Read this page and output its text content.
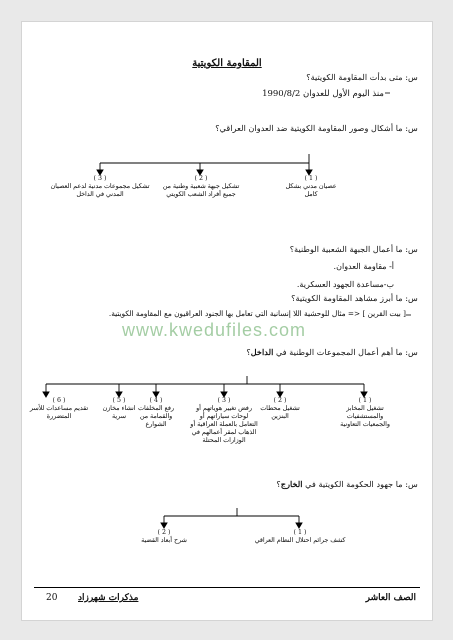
المقاومة الكويتية
س: متى بدأت المقاومة الكويتية؟
منذ اليوم الأول للعدوان 1990/8/2
س: ما أشكال وصور المقاومة الكويتية ضد العدوان العراقي؟
( 1 )
عصيان مدني بشكل كامل
( 2 )
تشكيل جبهة شعبية وطنية من جميع أفراد الشعب الكويتي
( 3 )
تشكيل مجموعات مدنية لدعم العصيان المدني في الداخل
س: ما أعمال الجبهة الشعبية الوطنية؟
أ- مقاومة العدوان.
ب-مساعدة الجهود العسكرية.
س: ما أبرز مشاهد المقاومة الكويتية؟
[ بيت القرين ] <= مثال للوحشية اللا إنسانية التي تعامل بها الجنود العراقيون مع المقاومة الكويتية.
www.kwedufiles.com
س: ما أهم أعمال المجموعات الوطنية في الداخل؟
( 1 )
تشغيل المخابز والمستشفيات والجمعيات التعاونية
( 2 )
تشغيل محطات البنزين
( 3 )
رفض تغيير هوياتهم أو لوحات سياراتهم أو التعامل بالعملة العراقية أو الذهاب لمقر أعمالهم في الوزارات المحتلة
( 4 )
رفع المخلفات والقمامة من الشوارع
( 5 )
انشاء مخازن سرية
( 6 )
تقديم مساعدات للأسر المتضررة
س: ما جهود الحكومة الكويتية في الخارج؟
( 1 )
كشف جرائم احتلال النظام العراقي
( 2 )
شرح أبعاد القضية
الصف العاشر
مذكرات شهرزاد
20
